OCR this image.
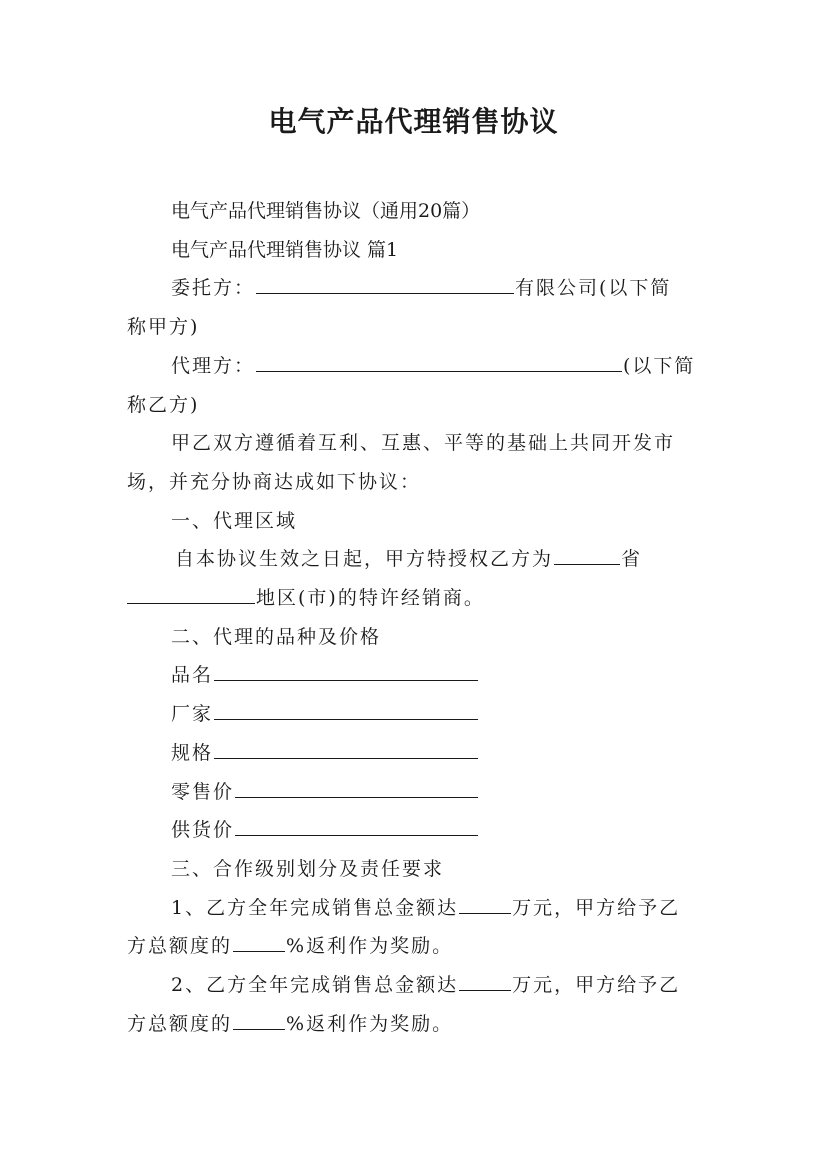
电气产品代理销售协议
电气产品代理销售协议（通用20篇）
电气产品代理销售协议 篇1
委托方：	有限公司(以下简
称甲方)
代理方：	(以下简
称乙方)
甲乙双方遵循着互利、互惠、平等的基础上共同开发市
场，并充分协商达成如下协议：
一、代理区域
自本协议生效之日起，甲方特授权乙方为	省
地区(市)的特许经销商。
二、代理的品种及价格
品名
厂家
规格
零售价
供货价
三、合作级别划分及责任要求
1、乙方全年完成销售总金额达	万元，甲方给予乙
方总额度的	%返利作为奖励。
2、乙方全年完成销售总金额达	万元，甲方给予乙
方总额度的	%返利作为奖励。
